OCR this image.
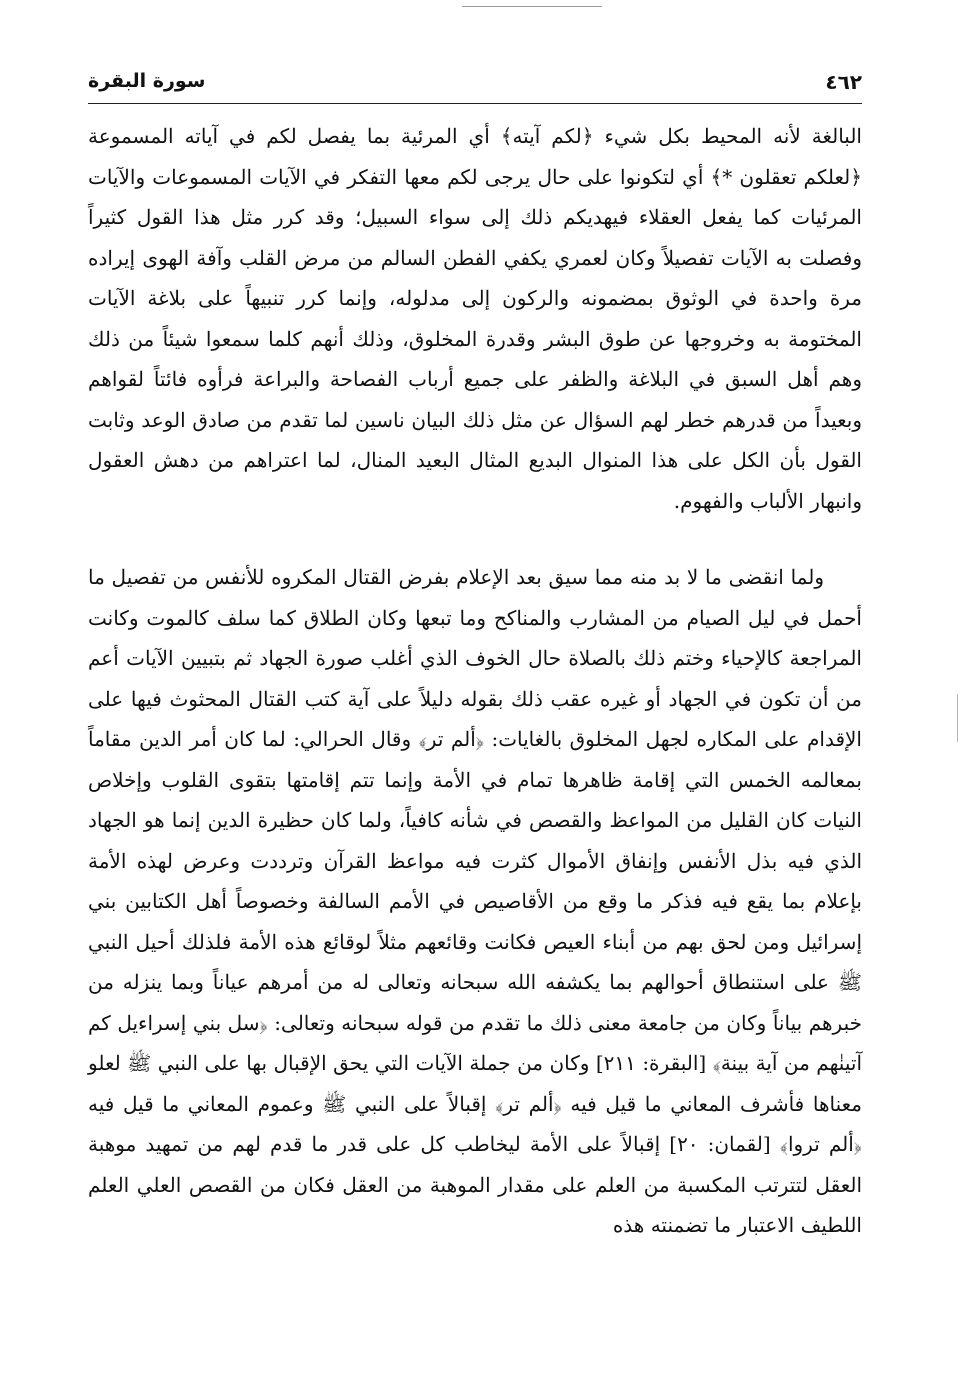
٤٦٢
سورة البقرة

البالغة لأنه المحيط بكل شيء ﴿لكم آيته﴾ أي المرئية بما يفصل لكم في آياته المسموعة ﴿لعلكم تعقلون *﴾ أي لتكونوا على حال يرجى لكم معها التفكر في الآيات المسموعات والآيات المرئيات كما يفعل العقلاء فيهديكم ذلك إلى سواء السبيل؛ وقد كرر مثل هذا القول كثيراً وفصلت به الآيات تفصيلاً وكان لعمري يكفي الفطن السالم من مرض القلب وآفة الهوى إيراده مرة واحدة في الوثوق بمضمونه والركون إلى مدلوله، وإنما كرر تنبيهاً على بلاغة الآيات المختومة به وخروجها عن طوق البشر وقدرة المخلوق، وذلك أنهم كلما سمعوا شيئاً من ذلك وهم أهل السبق في البلاغة والظفر على جميع أرباب الفصاحة والبراعة فرأوه فائتاً لقواهم وبعيداً من قدرهم خطر لهم السؤال عن مثل ذلك البيان ناسين لما تقدم من صادق الوعد وثابت القول بأن الكل على هذا المنوال البديع المثال البعيد المنال، لما اعتراهم من دهش العقول وانبهار الألباب والفهوم.

ولما انقضى ما لا بد منه مما سيق بعد الإعلام بفرض القتال المكروه للأنفس من تفصيل ما أحمل في ليل الصيام من المشارب والمناكح وما تبعها وكان الطلاق كما سلف كالموت وكانت المراجعة كالإحياء وختم ذلك بالصلاة حال الخوف الذي أغلب صورة الجهاد ثم بتبيين الآيات أعم من أن تكون في الجهاد أو غيره عقب ذلك بقوله دليلاً على آية كتب القتال المحثوث فيها على الإقدام على المكاره لجهل المخلوق بالغايات: ﴿ألم تر﴾ وقال الحرالي: لما كان أمر الدين مقاماً بمعالمه الخمس التي إقامة ظاهرها تمام في الأمة وإنما تتم إقامتها بتقوى القلوب وإخلاص النيات كان القليل من المواعظ والقصص في شأنه كافياً، ولما كان حظيرة الدين إنما هو الجهاد الذي فيه بذل الأنفس وإنفاق الأموال كثرت فيه مواعظ القرآن وترددت وعرض لهذه الأمة بإعلام بما يقع فيه فذكر ما وقع من الأقاصيص في الأمم السالفة وخصوصاً أهل الكتابين بني إسرائيل ومن لحق بهم من أبناء العيص فكانت وقائعهم مثلاً لوقائع هذه الأمة فلذلك أحيل النبي ﷺ على استنطاق أحوالهم بما يكشفه الله سبحانه وتعالى له من أمرهم عياناً وبما ينزله من خبرهم بياناً وكان من جامعة معنى ذلك ما تقدم من قوله سبحانه وتعالى: ﴿سل بني إسراءيل كم آتينٰهم من آية بينة﴾ [البقرة: ٢١١] وكان من جملة الآيات التي يحق الإقبال بها على النبي ﷺ لعلو معناها فأشرف المعاني ما قيل فيه ﴿ألم تر﴾ إقبالاً على النبي ﷺ وعموم المعاني ما قيل فيه ﴿ألم تروا﴾ [لقمان: ٢٠] إقبالاً على الأمة ليخاطب كل على قدر ما قدم لهم من تمهيد موهبة العقل لتترتب المكسبة من العلم على مقدار الموهبة من العقل فكان من القصص العلي العلم اللطيف الاعتبار ما تضمنته هذه
